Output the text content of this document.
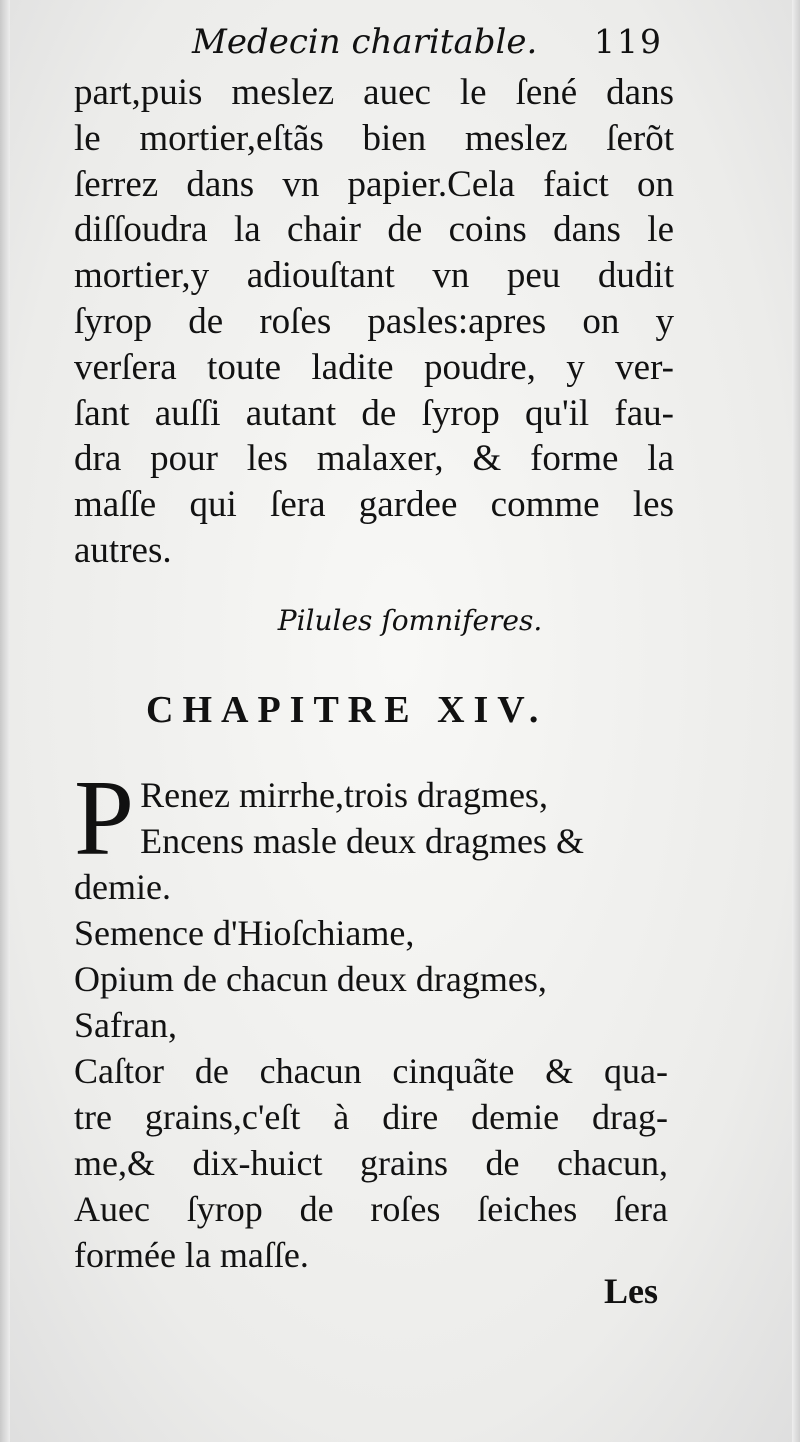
Medecin charitable. 119
part,puis meslez auec le ſené dans
le mortier,eſtãs bien meslez ſerõt
ſerrez dans vn papier.Cela faict on
diſſoudra la chair de coins dans le
mortier,y adiouſtant vn peu dudit
ſyrop de roſes pasles:apres on y
verſera toute ladite poudre, y ver-
ſant auſſi autant de ſyrop qu'il fau-
dra pour les malaxer, & forme la
maſſe qui ſera gardee comme les
autres.
Pilules ſomniferes.
CHAPITRE XIV.
P Renez mirrhe,trois dragmes,
Encens masle deux dragmes &
demie.
Semence d'Hioſchiame,
Opium de chacun deux dragmes,
Safran,
Caſtor de chacun cinquãte & qua-
tre grains,c'eſt à dire demie drag-
me,& dix-huict grains de chacun,
Auec ſyrop de roſes ſeiches ſera
formée la maſſe.
Les
